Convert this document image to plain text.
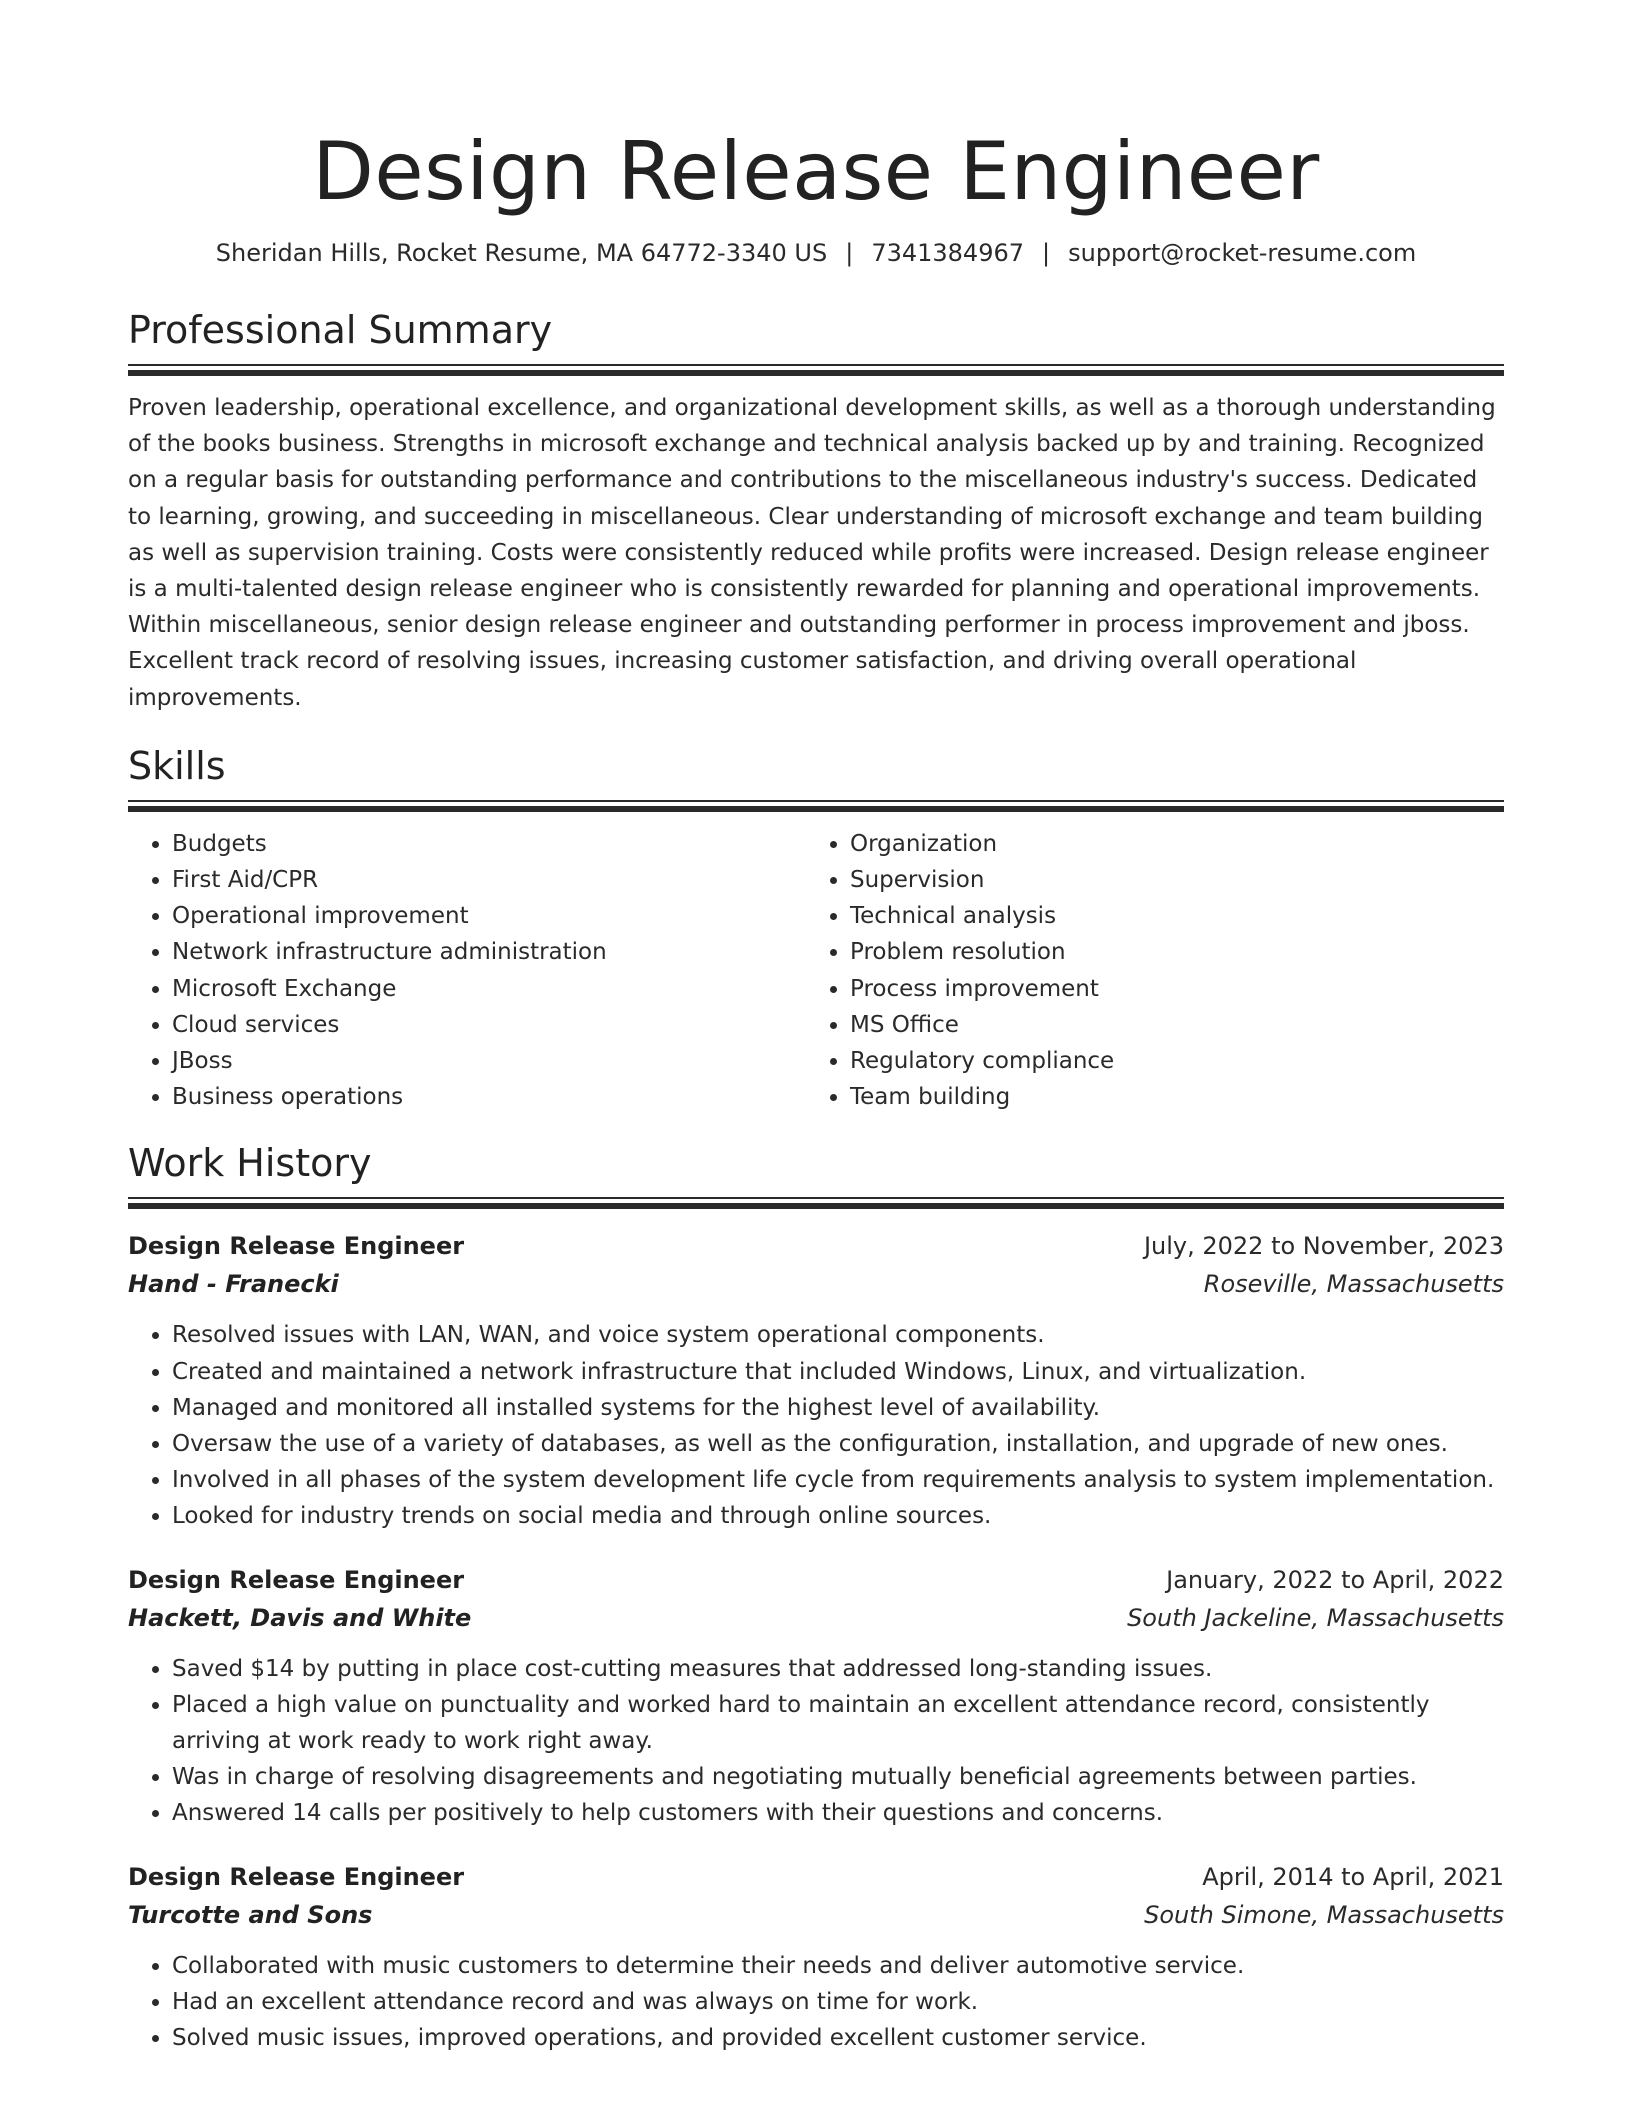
Design Release Engineer
Sheridan Hills, Rocket Resume, MA 64772-3340 US | 7341384967 | support@rocket-resume.com
Professional Summary

Proven leadership, operational excellence, and organizational development skills, as well as a thorough understanding of the books business. Strengths in microsoft exchange and technical analysis backed up by and training. Recognized on a regular basis for outstanding performance and contributions to the miscellaneous industry's success. Dedicated to learning, growing, and succeeding in miscellaneous. Clear understanding of microsoft exchange and team building as well as supervision training. Costs were consistently reduced while profits were increased. Design release engineer is a multi-talented design release engineer who is consistently rewarded for planning and operational improvements. Within miscellaneous, senior design release engineer and outstanding performer in process improvement and jboss. Excellent track record of resolving issues, increasing customer satisfaction, and driving overall operational improvements.

Skills
• Budgets
• First Aid/CPR
• Operational improvement
• Network infrastructure administration
• Microsoft Exchange
• Cloud services
• JBoss
• Business operations
• Organization
• Supervision
• Technical analysis
• Problem resolution
• Process improvement
• MS Office
• Regulatory compliance
• Team building
Work History
Design Release Engineer	July, 2022 to November, 2023
Hand - Franecki	Roseville, Massachusetts
• Resolved issues with LAN, WAN, and voice system operational components.
• Created and maintained a network infrastructure that included Windows, Linux, and virtualization.
• Managed and monitored all installed systems for the highest level of availability.
• Oversaw the use of a variety of databases, as well as the configuration, installation, and upgrade of new ones.
• Involved in all phases of the system development life cycle from requirements analysis to system implementation.
• Looked for industry trends on social media and through online sources.
Design Release Engineer	January, 2022 to April, 2022
Hackett, Davis and White	South Jackeline, Massachusetts
• Saved $14 by putting in place cost-cutting measures that addressed long-standing issues.
• Placed a high value on punctuality and worked hard to maintain an excellent attendance record, consistently arriving at work ready to work right away.
• Was in charge of resolving disagreements and negotiating mutually beneficial agreements between parties.
• Answered 14 calls per positively to help customers with their questions and concerns.
Design Release Engineer	April, 2014 to April, 2021
Turcotte and Sons	South Simone, Massachusetts
• Collaborated with music customers to determine their needs and deliver automotive service.
• Had an excellent attendance record and was always on time for work.
• Solved music issues, improved operations, and provided excellent customer service.
